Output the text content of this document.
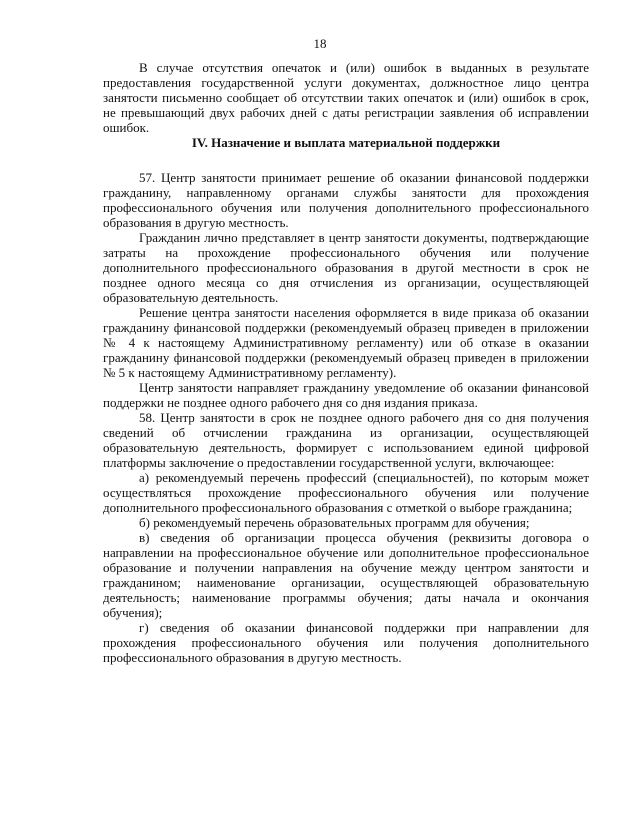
18

В случае отсутствия опечаток и (или) ошибок в выданных в результате предоставления государственной услуги документах, должностное лицо центра занятости письменно сообщает об отсутствии таких опечаток и (или) ошибок в срок, не превышающий двух рабочих дней с даты регистрации заявления об исправлении ошибок.

IV. Назначение и выплата материальной поддержки

57. Центр занятости принимает решение об оказании финансовой поддержки гражданину, направленному органами службы занятости для прохождения профессионального обучения или получения дополнительного профессионального образования в другую местность.

Гражданин лично представляет в центр занятости документы, подтверждающие затраты на прохождение профессионального обучения или получение дополнительного профессионального образования в другой местности в срок не позднее одного месяца со дня отчисления из организации, осуществляющей образовательную деятельность.

Решение центра занятости населения оформляется в виде приказа об оказании гражданину финансовой поддержки (рекомендуемый образец приведен в приложении № 4 к настоящему Административному регламенту) или об отказе в оказании гражданину финансовой поддержки (рекомендуемый образец приведен в приложении № 5 к настоящему Административному регламенту).

Центр занятости направляет гражданину уведомление об оказании финансовой поддержки не позднее одного рабочего дня со дня издания приказа.

58. Центр занятости в срок не позднее одного рабочего дня со дня получения сведений об отчислении гражданина из организации, осуществляющей образовательную деятельность, формирует с использованием единой цифровой платформы заключение о предоставлении государственной услуги, включающее:

а) рекомендуемый перечень профессий (специальностей), по которым может осуществляться прохождение профессионального обучения или получение дополнительного профессионального образования с отметкой о выборе гражданина;

б) рекомендуемый перечень образовательных программ для обучения;

в) сведения об организации процесса обучения (реквизиты договора о направлении на профессиональное обучение или дополнительное профессиональное образование и получении направления на обучение между центром занятости и гражданином; наименование организации, осуществляющей образовательную деятельность; наименование программы обучения; даты начала и окончания обучения);

г) сведения об оказании финансовой поддержки при направлении для прохождения профессионального обучения или получения дополнительного профессионального образования в другую местность.
